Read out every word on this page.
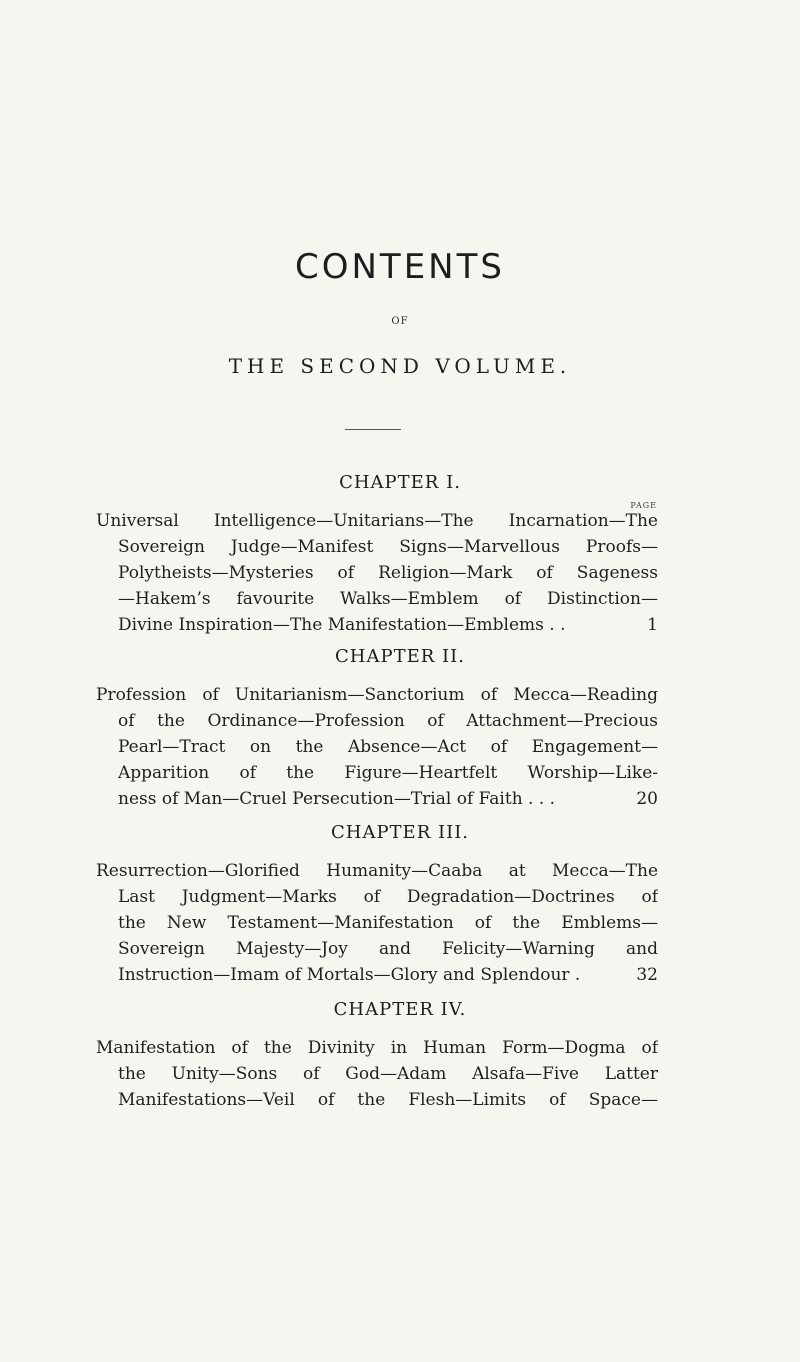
CONTENTS
OF
THE SECOND VOLUME.
CHAPTER I.
PAGE
Universal Intelligence—Unitarians—The Incarnation—The
Sovereign Judge—Manifest Signs—Marvellous Proofs—
Polytheists—Mysteries of Religion—Mark of Sageness
—Hakem’s favourite Walks—Emblem of Distinction—
Divine Inspiration—The Manifestation—Emblems . .	1
CHAPTER II.
Profession of Unitarianism—Sanctorium of Mecca—Reading
of the Ordinance—Profession of Attachment—Precious
Pearl—Tract on the Absence—Act of Engagement—
Apparition of the Figure—Heartfelt Worship—Like-
ness of Man—Cruel Persecution—Trial of Faith . . .	20
CHAPTER III.
Resurrection—Glorified Humanity—Caaba at Mecca—The
Last Judgment—Marks of Degradation—Doctrines of
the New Testament—Manifestation of the Emblems—
Sovereign Majesty—Joy and Felicity—Warning and
Instruction—Imam of Mortals—Glory and Splendour .	32
CHAPTER IV.
Manifestation of the Divinity in Human Form—Dogma of
the Unity—Sons of God—Adam Alsafa—Five Latter
Manifestations—Veil of the Flesh—Limits of Space—
